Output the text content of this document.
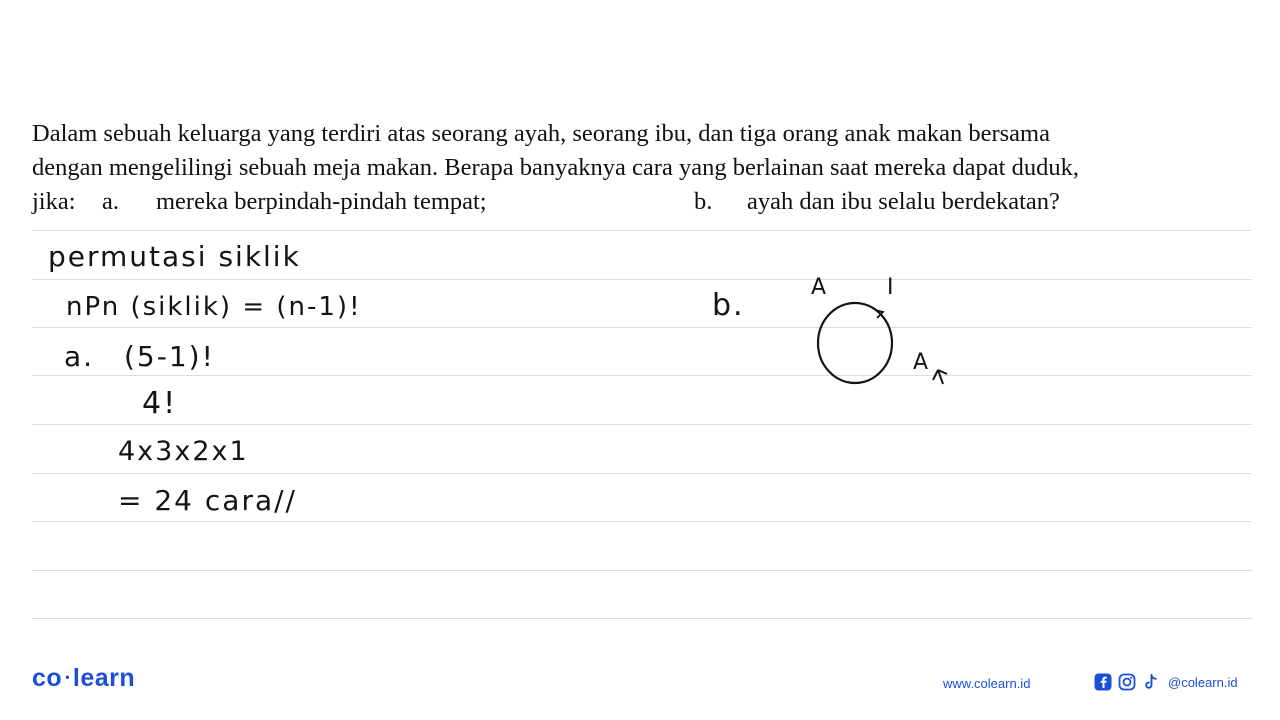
Dalam sebuah keluarga yang terdiri atas seorang ayah, seorang ibu, dan tiga orang anak makan bersama
dengan mengelilingi sebuah meja makan. Berapa banyaknya cara yang berlainan saat mereka dapat duduk,
jika: a. mereka berpindah-pindah tempat;	b. ayah dan ibu selalu berdekatan?
permutasi siklik
nPn (siklik) = (n-1)!
a. (5-1)!
4!
4x3x2x1
= 24 cara//
b.
A	I
A
co • learn	www.colearn.id	@colearn.id
